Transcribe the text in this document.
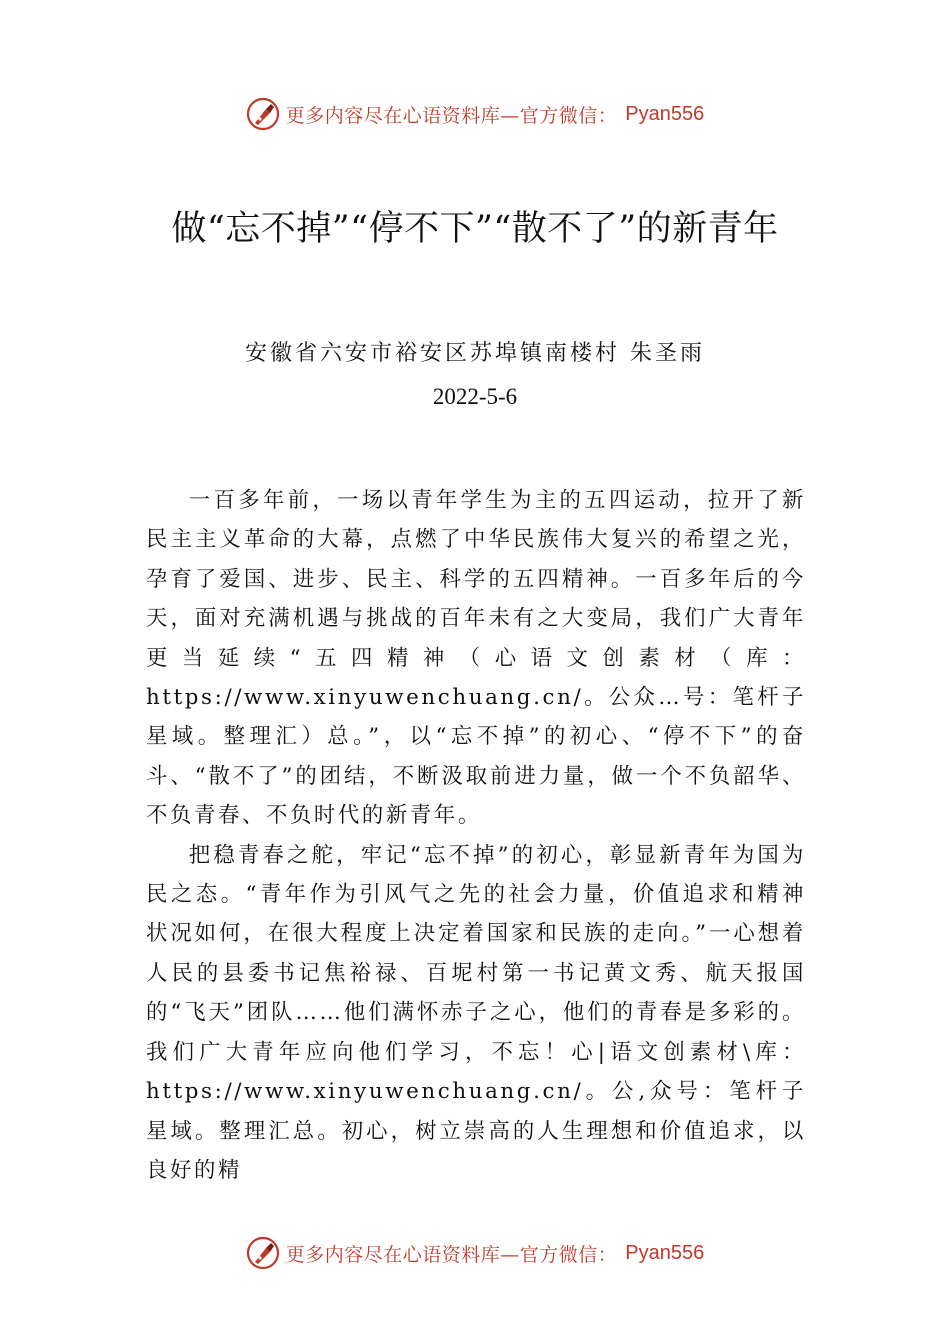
更多内容尽在心语资料库—官方微信： Pyan556
做“忘不掉”“停不下”“散不了”的新青年
安徽省六安市裕安区苏埠镇南楼村 朱圣雨
2022-5-6

一百多年前，一场以青年学生为主的五四运动，拉开了新民主主义革命的大幕，点燃了中华民族伟大复兴的希望之光，孕育了爱国、进步、民主、科学的五四精神。一百多年后的今天，面对充满机遇与挑战的百年未有之大变局，我们广大青年更当延续“五四精神（心语文创素材（库：https://www.xinyuwenchuang.cn/。公众…号：笔杆子星域。整理汇）总。”，以“忘不掉”的初心、“停不下”的奋斗、“散不了”的团结，不断汲取前进力量，做一个不负韶华、不负青春、不负时代的新青年。

把稳青春之舵，牢记“忘不掉”的初心，彰显新青年为国为民之态。“青年作为引风气之先的社会力量，价值追求和精神状况如何，在很大程度上决定着国家和民族的走向。”一心想着人民的县委书记焦裕禄、百坭村第一书记黄文秀、航天报国的“飞天”团队……他们满怀赤子之心，他们的青春是多彩的。我们广大青年应向他们学习，不忘！心|语文创素材\库：https://www.xinyuwenchuang.cn/。公,众号：笔杆子星域。整理汇总。初心，树立崇高的人生理想和价值追求，以良好的精

更多内容尽在心语资料库—官方微信： Pyan556
